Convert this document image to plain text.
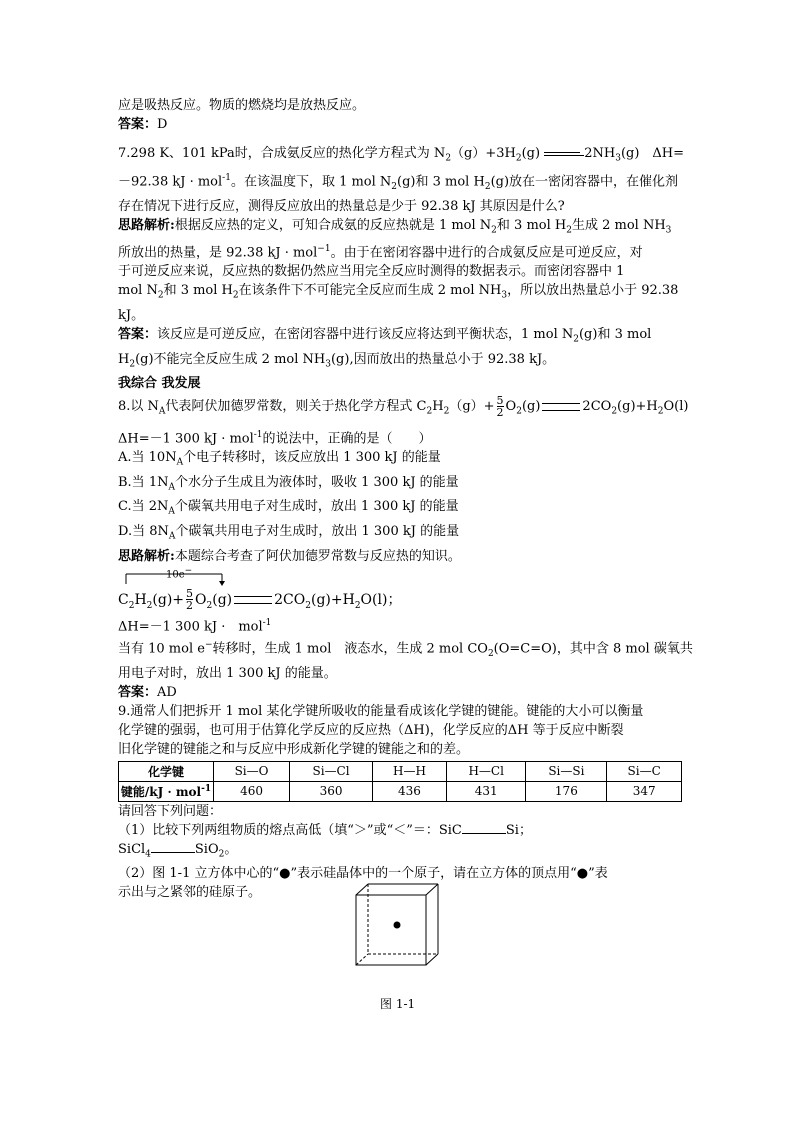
应是吸热反应。物质的燃烧均是放热反应。
答案：D
7.298 K、101 kPa时，合成氨反应的热化学方程式为 $N_2(g)+3H_2(g)$	$2NH_3(g)$　ΔH=
－92.38 kJ · mol$^{-1}$。在该温度下，取 1 mol $N_2(g)$和 3 mol $H_2(g)$放在一密闭容器中，在催化剂
存在情况下进行反应，测得反应放出的热量总是少于 92.38 kJ 其原因是什么?
思路解析:根据反应热的定义，可知合成氨的反应热就是 1 mol $N_2$和 3 mol $H_2$生成 2 mol $NH_3$
所放出的热量，是 92.38 kJ · mol$^{-1}$。由于在密闭容器中进行的合成氨反应是可逆反应，对
于可逆反应来说，反应热的数据仍然应当用完全反应时测得的数据表示。而密闭容器中 1
mol $N_2$和 3 mol $H_2$在该条件下不可能完全反应而生成 2 mol $NH_3$，所以放出热量总小于 92.38
kJ。
答案：该反应是可逆反应，在密闭容器中进行该反应将达到平衡状态，1 mol $N_2(g)$和 3 mol
$H_2(g)$不能完全反应生成 2 mol $NH_3(g)$,因而放出的热量总小于 92.38 kJ。
我综合 我发展
8.以 $N_A$代表阿伏加德罗常数，则关于热化学方程式 $C_2H_2(g)+ \frac{5}{2} O_2(g)$	$2CO_2(g)+H_2O(l)$
ΔH=－1 300 kJ · mol$^{-1}$的说法中，正确的是（　　）
A.当 $10N_A$个电子转移时，该反应放出 1 300 kJ 的能量
B.当 $1N_A$个水分子生成且为液体时，吸收 1 300 kJ 的能量
C.当 $2N_A$个碳氧共用电子对生成时，放出 1 300 kJ 的能量
D.当 $8N_A$个碳氧共用电子对生成时，放出 1 300 kJ 的能量
思路解析:本题综合考查了阿伏加德罗常数与反应热的知识。
10e−
$C_2H_2(g)+ \frac{5}{2} O_2(g)$	$2CO_2(g)+H_2O(l)$；
ΔH=－1 300 kJ ·　mol$^{-1}$
当有 10 mol e−转移时，生成 1 mol　液态水，生成 2 mol $CO_2(O=C=O)$，其中含 8 mol 碳氧共
用电子对时，放出 1 300 kJ 的能量。
答案：AD
9.通常人们把拆开 1 mol 某化学键所吸收的能量看成该化学键的键能。键能的大小可以衡量
化学键的强弱，也可用于估算化学反应的反应热（ΔH)，化学反应的ΔH 等于反应中断裂
旧化学键的键能之和与反应中形成新化学键的键能之和的差。
化学键	Si—O	Si—Cl	H—H	H—Cl	Si—Si	Si—C
键能/kJ · mol$^{-1}$	460	360	436	431	176	347
请回答下列问题：
（1）比较下列两组物质的熔点高低（填“＞”或“＜”＝：SiC	Si；
SiCl$_4$	SiO$_2$。
（2）图 1-1 立方体中心的“●”表示硅晶体中的一个原子，请在立方体的顶点用“●”表
示出与之紧邻的硅原子。
图 1-1
